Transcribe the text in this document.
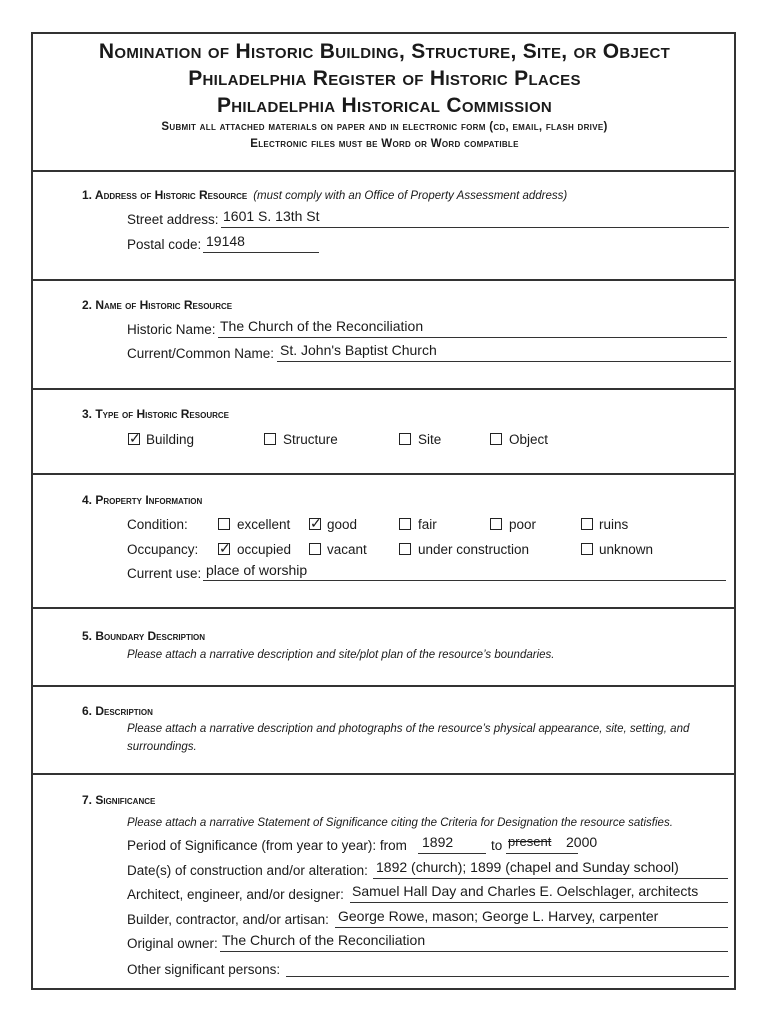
Nomination of Historic Building, Structure, Site, or Object
Philadelphia Register of Historic Places
Philadelphia Historical Commission
Submit all attached materials on paper and in electronic form (cd, email, flash drive)
Electronic files must be Word or Word compatible
1. Address of Historic Resource (must comply with an Office of Property Assessment address)
Street address: 1601 S. 13th St
Postal code: 19148
2. Name of Historic Resource
Historic Name: The Church of the Reconciliation
Current/Common Name: St. John's Baptist Church
3. Type of Historic Resource
✓ Building	Structure	Site	Object
4. Property Information
Condition:	excellent ✓ good	fair	poor	ruins
Occupancy: ✓ occupied	vacant	under construction	unknown
Current use: place of worship
5. Boundary Description
Please attach a narrative description and site/plot plan of the resource’s boundaries.
6. Description
Please attach a narrative description and photographs of the resource’s physical appearance, site, setting, and surroundings.
7. Significance
Please attach a narrative Statement of Significance citing the Criteria for Designation the resource satisfies.
Period of Significance (from year to year): from 1892	to present 2000
Date(s) of construction and/or alteration: 1892 (church); 1899 (chapel and Sunday school)
Architect, engineer, and/or designer: Samuel Hall Day and Charles E. Oelschlager, architects
Builder, contractor, and/or artisan: George Rowe, mason; George L. Harvey, carpenter
Original owner: The Church of the Reconciliation
Other significant persons:
